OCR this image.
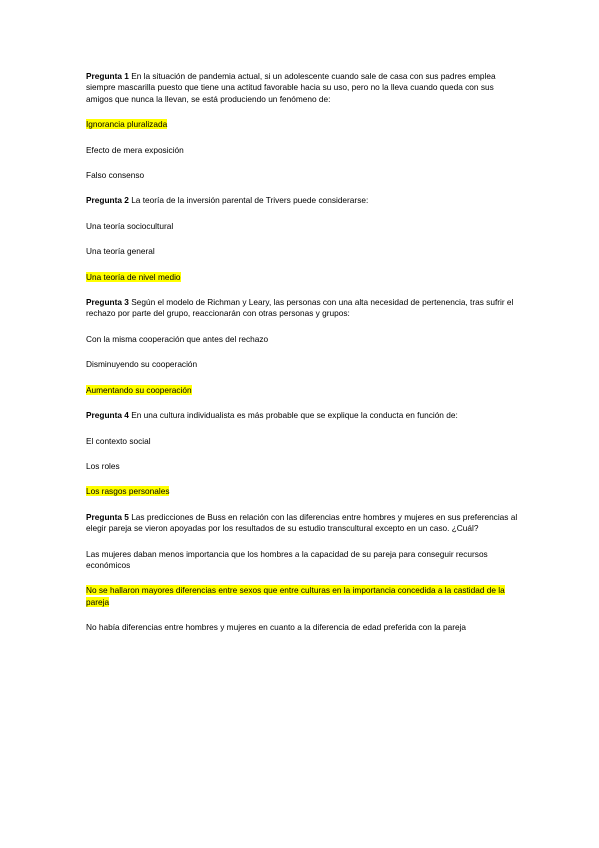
Pregunta 1 En la situación de pandemia actual, si un adolescente cuando sale de casa con sus padres emplea siempre mascarilla puesto que tiene una actitud favorable hacia su uso, pero no la lleva cuando queda con sus amigos que nunca la llevan, se está produciendo un fenómeno de:

Ignorancia pluralizada

Efecto de mera exposición

Falso consenso

Pregunta 2 La teoría de la inversión parental de Trivers puede considerarse:

Una teoría sociocultural

Una teoría general

Una teoría de nivel medio

Pregunta 3 Según el modelo de Richman y Leary, las personas con una alta necesidad de pertenencia, tras sufrir el rechazo por parte del grupo, reaccionarán con otras personas y grupos:

Con la misma cooperación que antes del rechazo

Disminuyendo su cooperación

Aumentando su cooperación

Pregunta 4 En una cultura individualista es más probable que se explique la conducta en función de:

El contexto social

Los roles

Los rasgos personales

Pregunta 5 Las predicciones de Buss en relación con las diferencias entre hombres y mujeres en sus preferencias al elegir pareja se vieron apoyadas por los resultados de su estudio transcultural excepto en un caso. ¿Cuál?

Las mujeres daban menos importancia que los hombres a la capacidad de su pareja para conseguir recursos económicos

No se hallaron mayores diferencias entre sexos que entre culturas en la importancia concedida a la castidad de la pareja

No había diferencias entre hombres y mujeres en cuanto a la diferencia de edad preferida con la pareja
